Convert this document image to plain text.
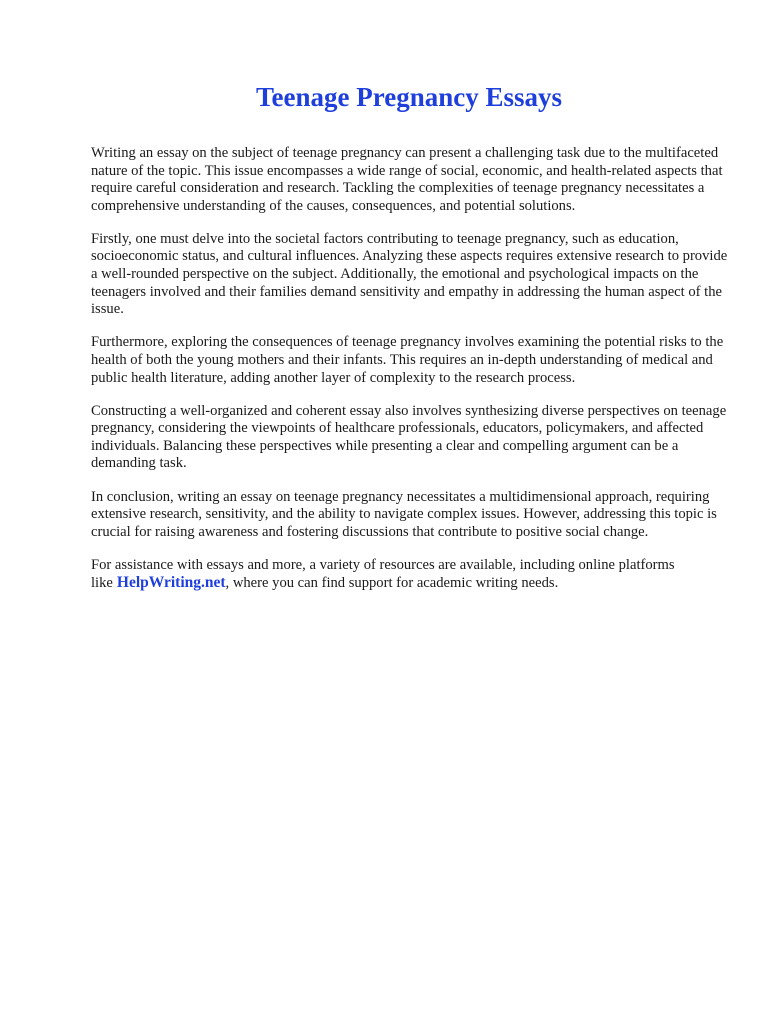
Teenage Pregnancy Essays

Writing an essay on the subject of teenage pregnancy can present a challenging task due to the multifaceted nature of the topic. This issue encompasses a wide range of social, economic, and health-related aspects that require careful consideration and research. Tackling the complexities of teenage pregnancy necessitates a comprehensive understanding of the causes, consequences, and potential solutions.

Firstly, one must delve into the societal factors contributing to teenage pregnancy, such as education, socioeconomic status, and cultural influences. Analyzing these aspects requires extensive research to provide a well-rounded perspective on the subject. Additionally, the emotional and psychological impacts on the teenagers involved and their families demand sensitivity and empathy in addressing the human aspect of the issue.

Furthermore, exploring the consequences of teenage pregnancy involves examining the potential risks to the health of both the young mothers and their infants. This requires an in-depth understanding of medical and public health literature, adding another layer of complexity to the research process.

Constructing a well-organized and coherent essay also involves synthesizing diverse perspectives on teenage pregnancy, considering the viewpoints of healthcare professionals, educators, policymakers, and affected individuals. Balancing these perspectives while presenting a clear and compelling argument can be a demanding task.

In conclusion, writing an essay on teenage pregnancy necessitates a multidimensional approach, requiring extensive research, sensitivity, and the ability to navigate complex issues. However, addressing this topic is crucial for raising awareness and fostering discussions that contribute to positive social change.

For assistance with essays and more, a variety of resources are available, including online platforms like HelpWriting.net, where you can find support for academic writing needs.
